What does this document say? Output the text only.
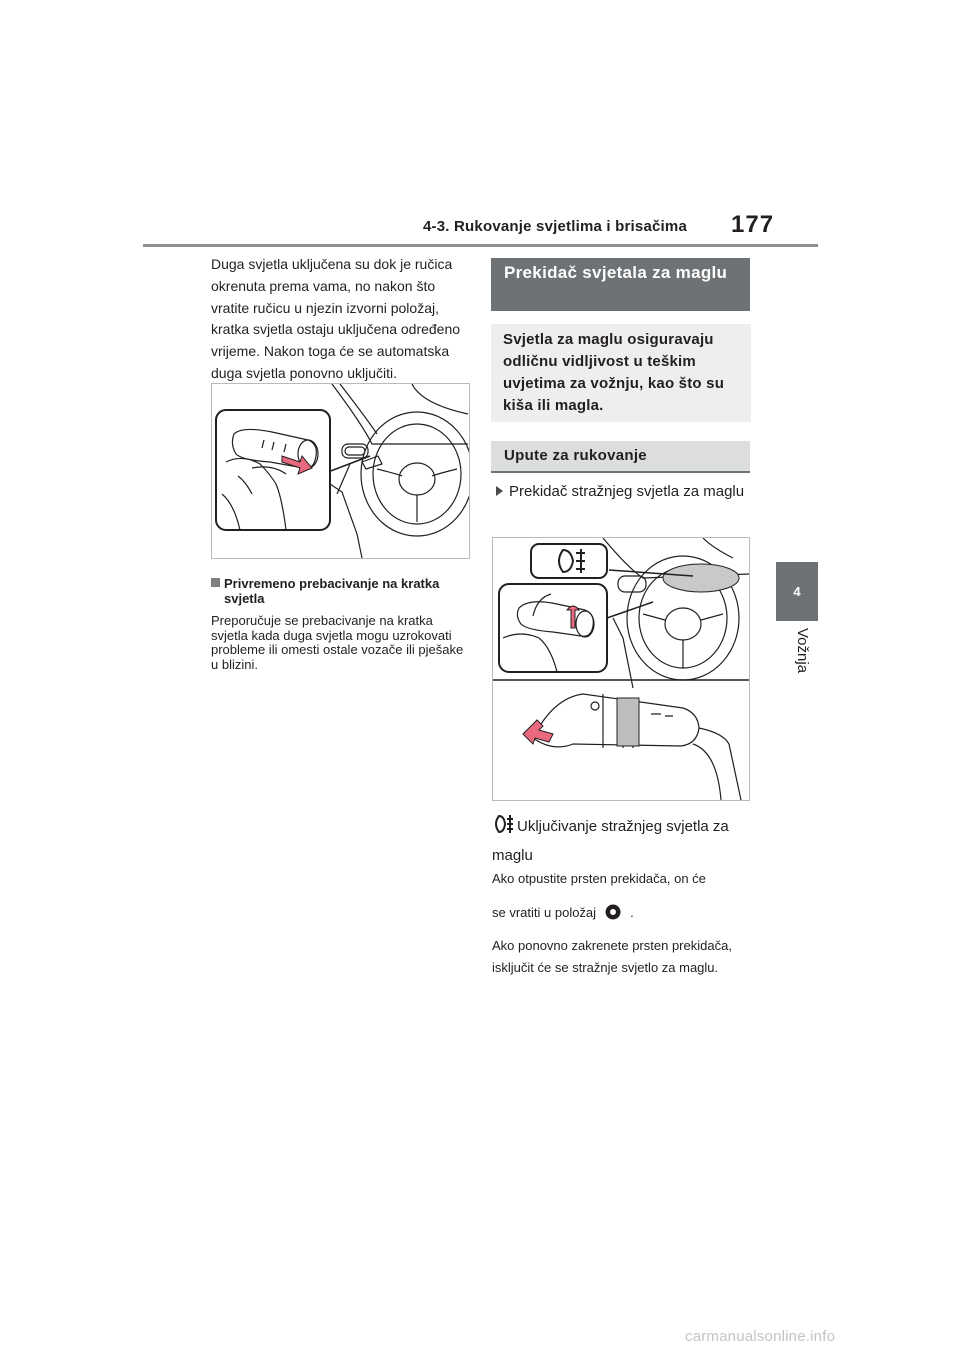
4-3. Rukovanje svjetlima i brisačima 177
4
Vožnja
Duga svjetla uključena su dok je ručica okrenuta prema vama, no nakon što vratite ručicu u njezin izvorni položaj, kratka svjetla ostaju uključena određeno vrijeme. Nakon toga će se automatska duga svjetla ponovno uključiti.
Privremeno prebacivanje na kratka
svjetla
Preporučuje se prebacivanje na kratka svjetla kada duga svjetla mogu uzrokovati probleme ili omesti ostale vozače ili pješake u blizini.
Prekidač svjetala za maglu
Svjetla za maglu osiguravaju odličnu vidljivost u teškim uvjetima za vožnju, kao što su kiša ili magla.
Upute za rukovanje
Prekidač stražnjeg svjetla za maglu
Uključivanje stražnjeg svjetla za maglu
Ako otpustite prsten prekidača, on će
se vratiti u položaj	.
Ako ponovno zakrenete prsten prekidača, isključit će se stražnje svjetlo za maglu.
carmanualsonline.info
